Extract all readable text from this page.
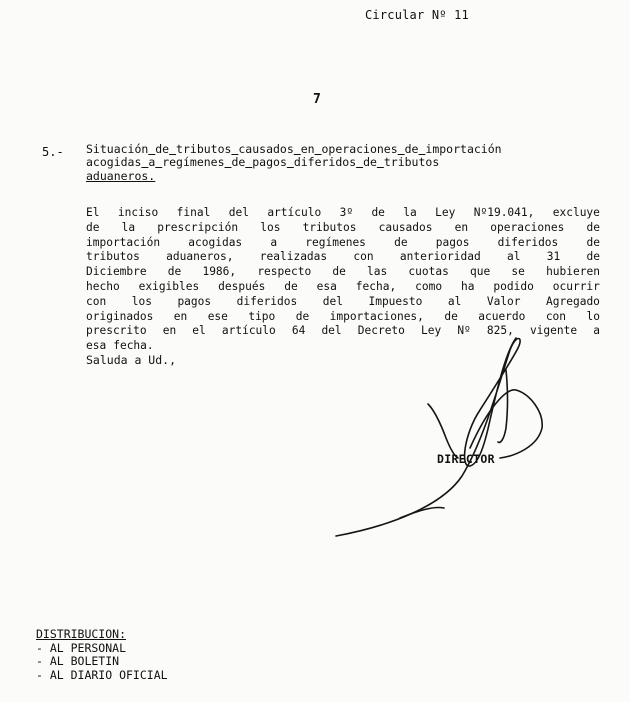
Circular Nº 11
7
5.- Situación de tributos causados en operaciones de importación
acogidas a regímenes de pagos diferidos de tributos
aduaneros.
El inciso final del artículo 3º de la Ley Nº19.041, excluye
de la prescripción los tributos causados en operaciones de
importación	acogidas	a	regímenes	de	pagos	diferidos	de
tributos aduaneros, realizadas con anterioridad al 31 de
Diciembre de 1986, respecto de las cuotas que se hubieren
hecho exigibles después de esa fecha, como ha podido ocurrir
con los pagos diferidos del Impuesto al Valor Agregado
originados en ese tipo de importaciones, de acuerdo con lo
prescrito en el artículo 64 del Decreto Ley Nº 825, vigente a
esa fecha.
Saluda a Ud.,
DIRECTOR
DISTRIBUCION:
- AL PERSONAL
- AL BOLETIN
- AL DIARIO OFICIAL
